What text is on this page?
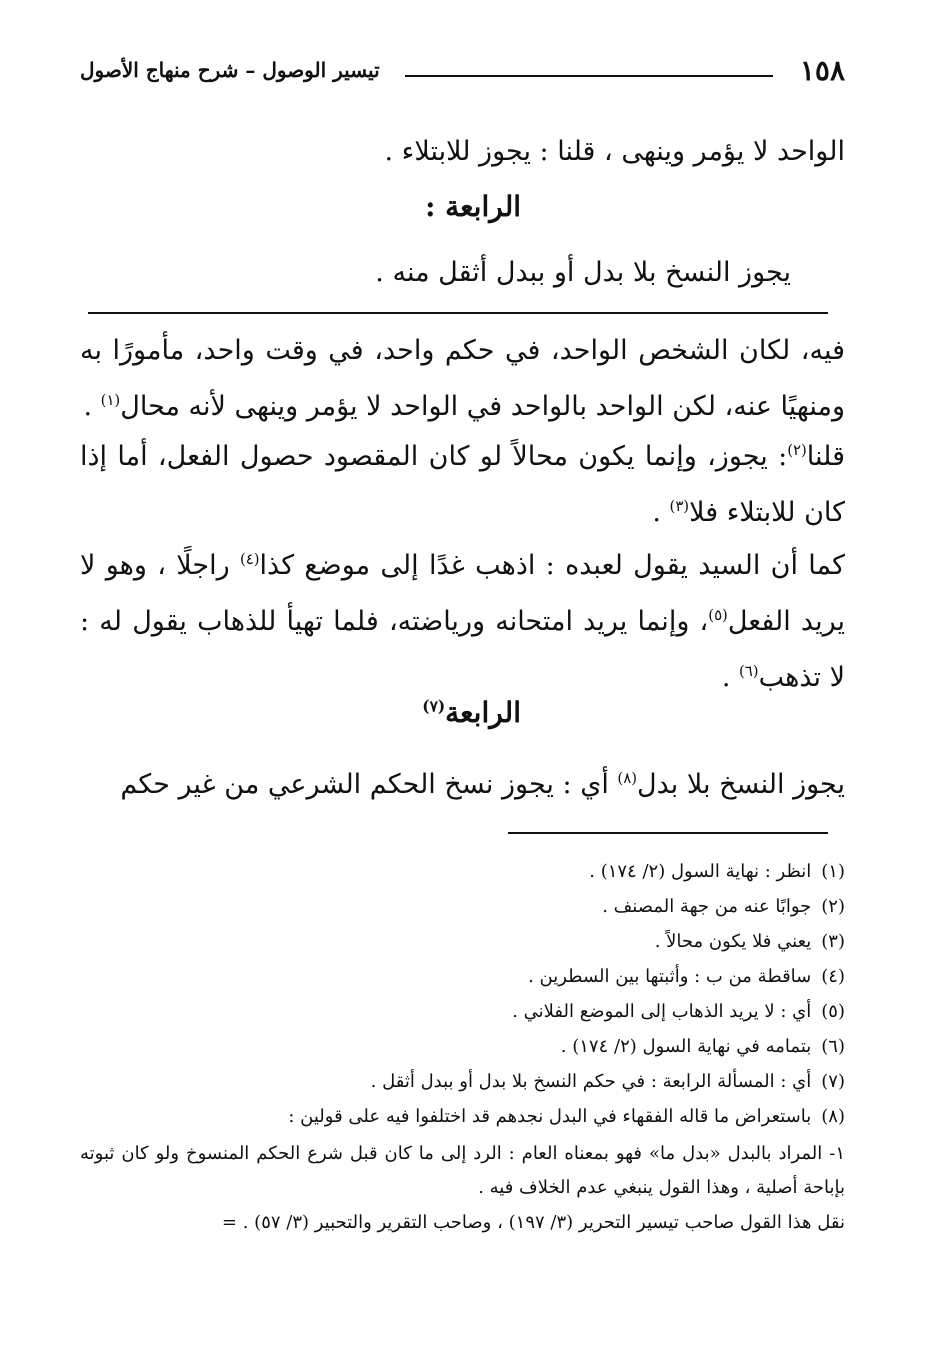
١٥٨
تيسير الوصول – شرح منهاج الأصول
الواحد لا يؤمر وينهى ، قلنا : يجوز للابتلاء .
الرابعة :
يجوز النسخ بلا بدل أو ببدل أثقل منه .
فيه، لكان الشخص الواحد، في حكم واحد، في وقت واحد، مأمورًا به ومنهيًا عنه، لكن الواحد بالواحد في الواحد لا يؤمر وينهى لأنه محال$^{(١)}$ .
قلنا$^{(٢)}$: يجوز، وإنما يكون محالاً لو كان المقصود حصول الفعل، أما إذا كان للابتلاء فلا$^{(٣)}$ .
كما أن السيد يقول لعبده : اذهب غدًا إلى موضع كذا$^{(٤)}$ راجلًا ، وهو لا يريد الفعل$^{(٥)}$، وإنما يريد امتحانه ورياضته، فلما تهيأ للذهاب يقول له : لا تذهب$^{(٦)}$ .
الرابعة$^{(٧)}$
يجوز النسخ بلا بدل$^{(٨)}$ أي : يجوز نسخ الحكم الشرعي من غير حكم
(١)انظر : نهاية السول (٢/ ١٧٤) .
(٢)جوابًا عنه من جهة المصنف .
(٣)يعني فلا يكون محالاً .
(٤)ساقطة من ب : وأثبتها بين السطرين .
(٥)أي : لا يريد الذهاب إلى الموضع الفلاني .
(٦)بتمامه في نهاية السول (٢/ ١٧٤) .
(٧)أي : المسألة الرابعة : في حكم النسخ بلا بدل أو ببدل أثقل .
(٨)باستعراض ما قاله الفقهاء في البدل نجدهم قد اختلفوا فيه على قولين :
١- المراد بالبدل «بدل ما» فهو بمعناه العام : الرد إلى ما كان قبل شرع الحكم المنسوخ ولو كان ثبوته بإباحة أصلية ، وهذا القول ينبغي عدم الخلاف فيه .
نقل هذا القول صاحب تيسير التحرير (٣/ ١٩٧) ، وصاحب التقرير والتحبير (٣/ ٥٧) . =
